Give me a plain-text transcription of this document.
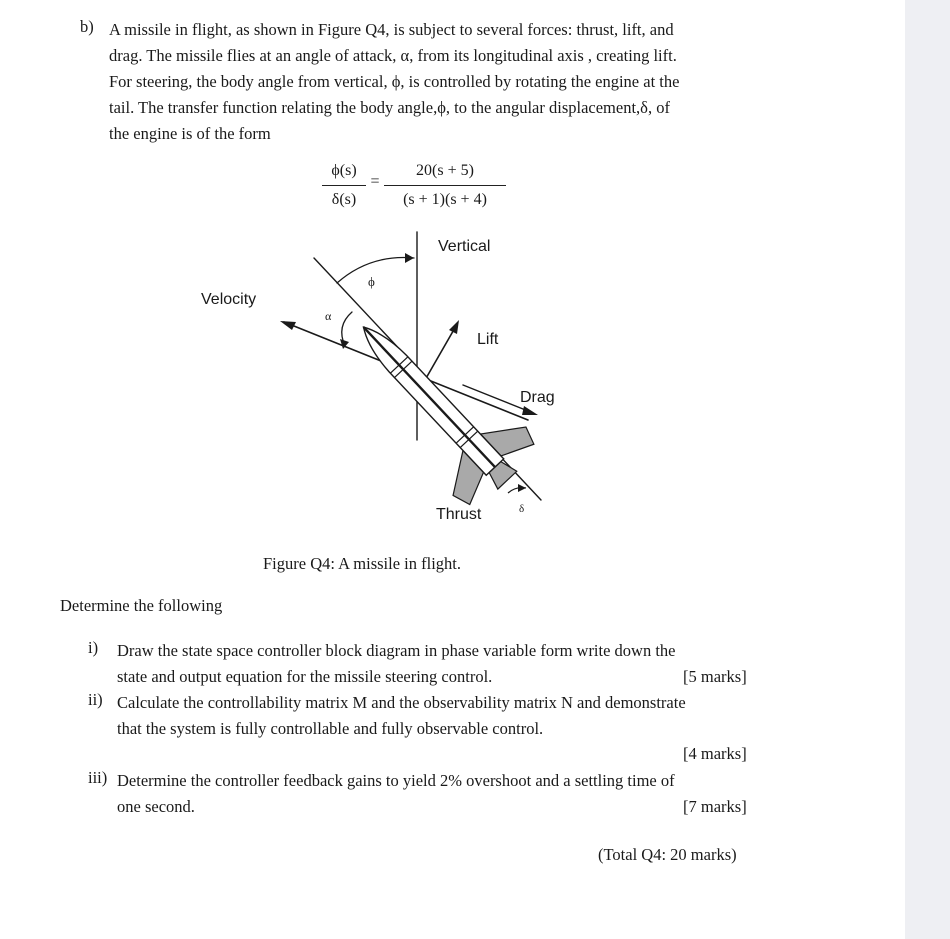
b) A missile in flight, as shown in Figure Q4, is subject to several forces: thrust, lift, and

drag. The missile flies at an angle of attack, α, from its longitudinal axis , creating lift.

For steering, the body angle from vertical, ϕ, is controlled by rotating the engine at the

tail. The transfer function relating the body angle,ϕ, to the angular displacement,δ, of

the engine is of the form

ϕ(s)
δ(s)
=
20(s + 5)
(s + 1)(s + 4)
Vertical
Velocity
Lift
Drag
Thrust
ϕ
α
δ
Figure Q4: A missile in flight.
Determine the following
i) Draw the state space controller block diagram in phase variable form write down the
state and output equation for the missile steering control.	[5 marks]
ii) Calculate the controllability matrix M and the observability matrix N and demonstrate
that the system is fully controllable and fully observable control.
[4 marks]
iii) Determine the controller feedback gains to yield 2% overshoot and a settling time of
one second.	[7 marks]
(Total Q4: 20 marks)
